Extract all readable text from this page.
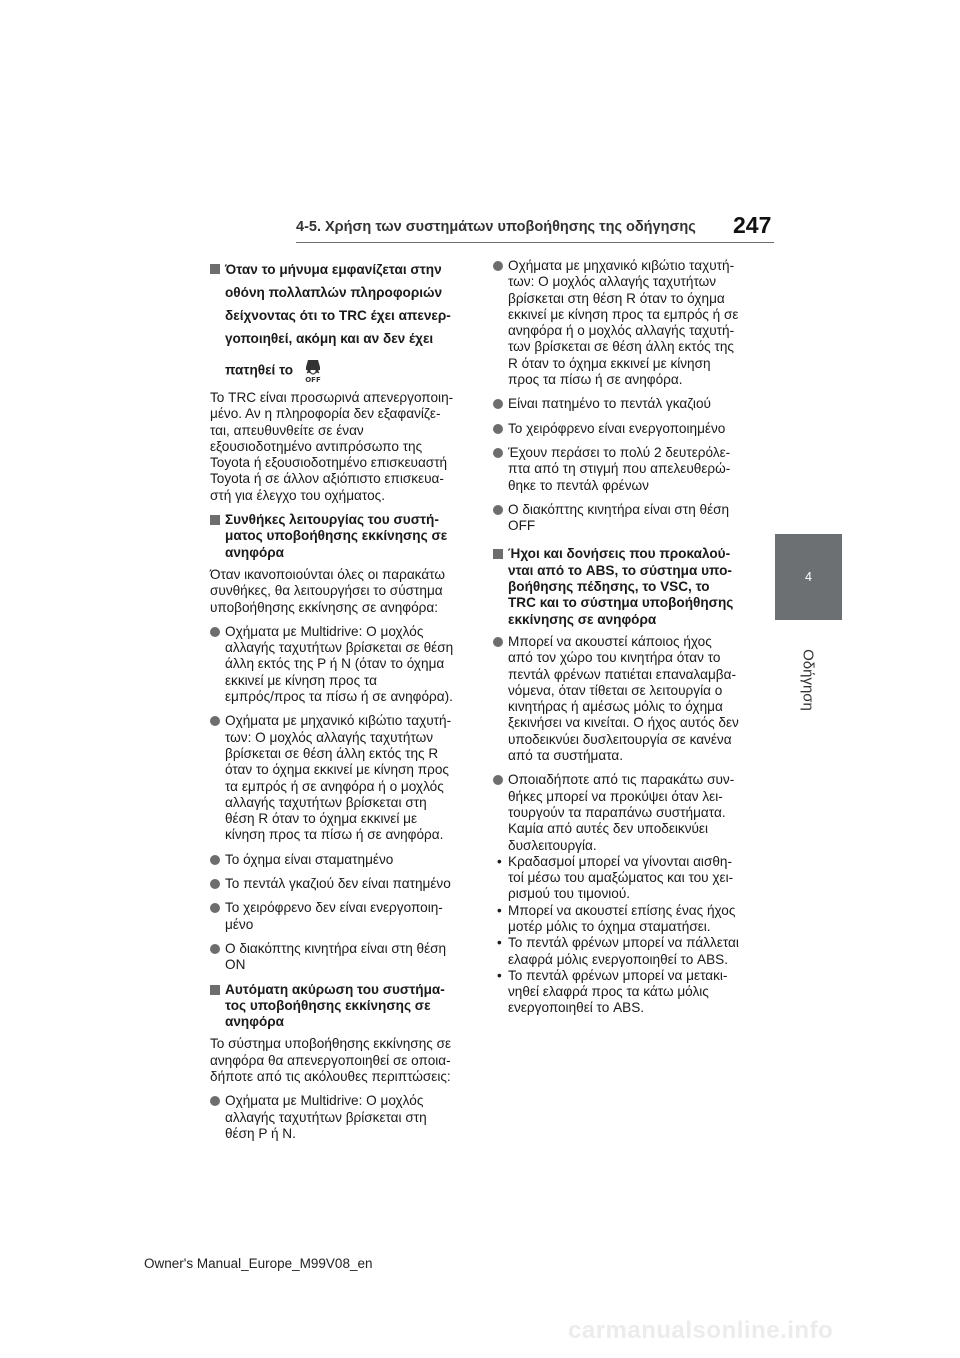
4-5. Χρήση των συστημάτων υποβοήθησης της οδήγησης 247
4
Οδήγηση
Όταν το μήνυμα εμφανίζεται στην
οθόνη πολλαπλών πληροφοριών
δείχνοντας ότι το TRC έχει απενερ-
γοποιηθεί, ακόμη και αν δεν έχει
πατηθεί το
OFF
Το TRC είναι προσωρινά απενεργοποιη-
μένο. Αν η πληροφορία δεν εξαφανίζε-
ται, απευθυνθείτε σε έναν
εξουσιοδοτημένο αντιπρόσωπο της
Toyota ή εξουσιοδοτημένο επισκευαστή
Toyota ή σε άλλον αξιόπιστο επισκευα-
στή για έλεγχο του οχήματος.
Συνθήκες λειτουργίας του συστή-
ματος υποβοήθησης εκκίνησης σε
ανηφόρα
Όταν ικανοποιούνται όλες οι παρακάτω
συνθήκες, θα λειτουργήσει το σύστημα
υποβοήθησης εκκίνησης σε ανηφόρα:
Οχήματα με Multidrive: Ο μοχλός
αλλαγής ταχυτήτων βρίσκεται σε θέση
άλλη εκτός της P ή N (όταν το όχημα
εκκινεί με κίνηση προς τα
εμπρός/προς τα πίσω ή σε ανηφόρα).
Οχήματα με μηχανικό κιβώτιο ταχυτή-
των: Ο μοχλός αλλαγής ταχυτήτων
βρίσκεται σε θέση άλλη εκτός της R
όταν το όχημα εκκινεί με κίνηση προς
τα εμπρός ή σε ανηφόρα ή ο μοχλός
αλλαγής ταχυτήτων βρίσκεται στη
θέση R όταν το όχημα εκκινεί με
κίνηση προς τα πίσω ή σε ανηφόρα.
Το όχημα είναι σταματημένο
Το πεντάλ γκαζιού δεν είναι πατημένο
Το χειρόφρενο δεν είναι ενεργοποιη-
μένο
Ο διακόπτης κινητήρα είναι στη θέση
ON
Αυτόματη ακύρωση του συστήμα-
τος υποβοήθησης εκκίνησης σε
ανηφόρα
Το σύστημα υποβοήθησης εκκίνησης σε
ανηφόρα θα απενεργοποιηθεί σε οποια-
δήποτε από τις ακόλουθες περιπτώσεις:
Οχήματα με Multidrive: Ο μοχλός
αλλαγής ταχυτήτων βρίσκεται στη
θέση P ή N.
Οχήματα με μηχανικό κιβώτιο ταχυτή-
των: Ο μοχλός αλλαγής ταχυτήτων
βρίσκεται στη θέση R όταν το όχημα
εκκινεί με κίνηση προς τα εμπρός ή σε
ανηφόρα ή ο μοχλός αλλαγής ταχυτή-
των βρίσκεται σε θέση άλλη εκτός της
R όταν το όχημα εκκινεί με κίνηση
προς τα πίσω ή σε ανηφόρα.
Είναι πατημένο το πεντάλ γκαζιού
Το χειρόφρενο είναι ενεργοποιημένο
Έχουν περάσει το πολύ 2 δευτερόλε-
πτα από τη στιγμή που απελευθερώ-
θηκε το πεντάλ φρένων
Ο διακόπτης κινητήρα είναι στη θέση
OFF
Ήχοι και δονήσεις που προκαλού-
νται από το ABS, το σύστημα υπο-
βοήθησης πέδησης, το VSC, το
TRC και το σύστημα υποβοήθησης
εκκίνησης σε ανηφόρα
Μπορεί να ακουστεί κάποιος ήχος
από τον χώρο του κινητήρα όταν το
πεντάλ φρένων πατιέται επαναλαμβα-
νόμενα, όταν τίθεται σε λειτουργία ο
κινητήρας ή αμέσως μόλις το όχημα
ξεκινήσει να κινείται. Ο ήχος αυτός δεν
υποδεικνύει δυσλειτουργία σε κανένα
από τα συστήματα.
Οποιαδήποτε από τις παρακάτω συν-
θήκες μπορεί να προκύψει όταν λει-
τουργούν τα παραπάνω συστήματα.
Καμία από αυτές δεν υποδεικνύει
δυσλειτουργία.
• Κραδασμοί μπορεί να γίνονται αισθη-
τοί μέσω του αμαξώματος και του χει-
ρισμού του τιμονιού.
• Μπορεί να ακουστεί επίσης ένας ήχος
μοτέρ μόλις το όχημα σταματήσει.
• Το πεντάλ φρένων μπορεί να πάλλεται
ελαφρά μόλις ενεργοποιηθεί το ABS.
• Το πεντάλ φρένων μπορεί να μετακι-
νηθεί ελαφρά προς τα κάτω μόλις
ενεργοποιηθεί το ABS.
Owner's Manual_Europe_M99V08_en
carmanualsonline.info
